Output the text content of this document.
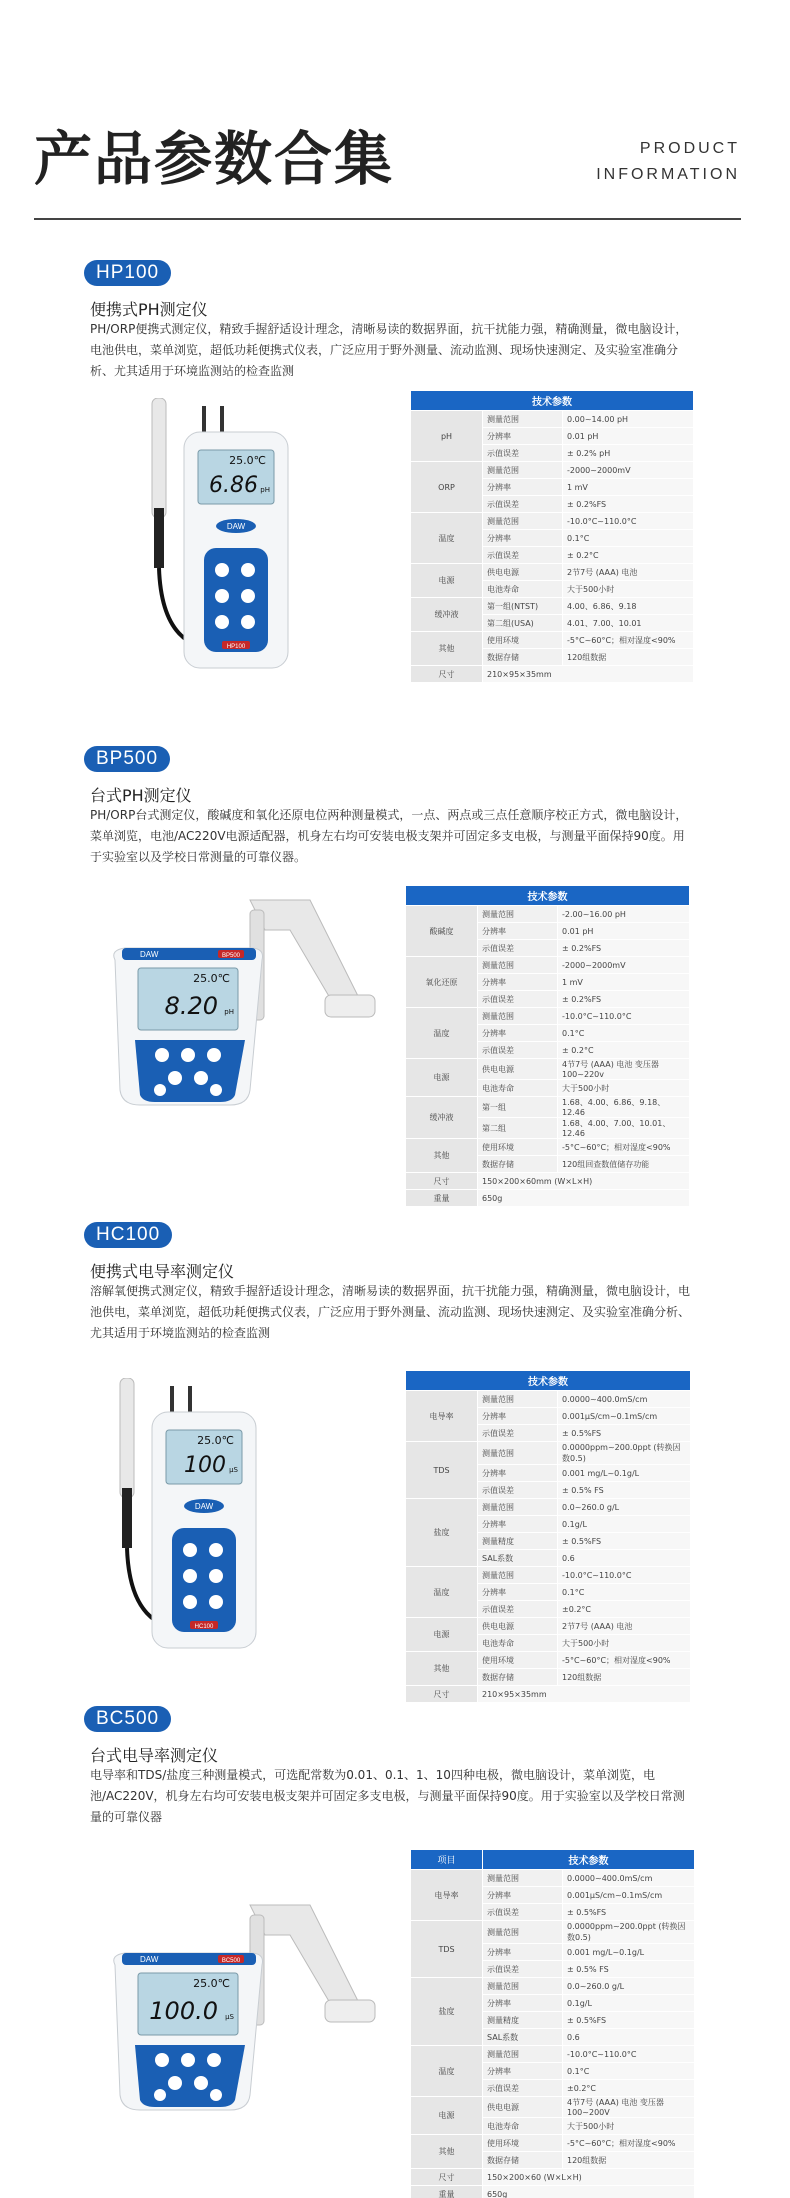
产品参数合集	PRODUCT
INFORMATION
HP100
便携式PH测定仪
PH/ORP便携式测定仪，精致手握舒适设计理念，清晰易读的数据界面，抗干扰能力强，精确测量，微电脑设计，电池供电，菜单浏览，超低功耗便携式仪表，广泛应用于野外测量、流动监测、现场快速测定、及实验室准确分析、尤其适用于环境监测站的检查监测
25.0℃
6.86 pH
DAW
HP100
技术参数		
pH	测量范围	0.00~14.00 pH
	分辨率	0.01 pH
	示值误差	± 0.2% pH
ORP	测量范围	-2000~2000mV
	分辨率	1 mV
	示值误差	± 0.2%FS
温度	测量范围	-10.0°C~110.0°C
	分辨率	0.1°C
	示值误差	± 0.2°C
电源	供电电源	2节7号 (AAA) 电池
	电池寿命	大于500小时
缓冲液	第一组(NTST)	4.00、6.86、9.18
	第二组(USA)	4.01、7.00、10.01
其他	使用环境	-5°C~60°C；相对湿度<90%
	数据存储	120组数据
尺寸	210×95×35mm	
BP500
台式PH测定仪
PH/ORP台式测定仪，酸碱度和氧化还原电位两种测量模式，一点、两点或三点任意顺序校正方式，微电脑设计，菜单浏览，电池/AC220V电源适配器，机身左右均可安装电极支架并可固定多支电极，与测量平面保持90度。用于实验室以及学校日常测量的可靠仪器。
DAW	BP500
25.0℃
8.20 pH
技术参数		
酸碱度	测量范围	-2.00~16.00 pH
	分辨率	0.01 pH
	示值误差	± 0.2%FS
氧化还原	测量范围	-2000~2000mV
	分辨率	1 mV
	示值误差	± 0.2%FS
温度	测量范围	-10.0°C~110.0°C
	分辨率	0.1°C
	示值误差	± 0.2°C
电源	供电电源	4节7号 (AAA) 电池 变压器100~220v
	电池寿命	大于500小时
缓冲液	第一组	1.68、4.00、6.86、9.18、12.46
	第二组	1.68、4.00、7.00、10.01、12.46
其他	使用环境	-5°C~60°C；相对湿度<90%
	数据存储	120组回查数值储存功能
尺寸	150×200×60mm (W×L×H)	
重量	650g	
HC100
便携式电导率测定仪
溶解氧便携式测定仪，精致手握舒适设计理念，清晰易读的数据界面，抗干扰能力强，精确测量，微电脑设计，电池供电，菜单浏览，超低功耗便携式仪表，广泛应用于野外测量、流动监测、现场快速测定、及实验室准确分析、尤其适用于环境监测站的检查监测
25.0℃
100 μS
DAW
HC100
技术参数		
电导率	测量范围	0.0000~400.0mS/cm
	分辨率	0.001μS/cm~0.1mS/cm
	示值误差	± 0.5%FS
TDS	测量范围	0.0000ppm~200.0ppt (转换因数0.5)
	分辨率	0.001 mg/L~0.1g/L
	示值误差	± 0.5% FS
盐度	测量范围	0.0~260.0 g/L
	分辨率	0.1g/L
	测量精度	± 0.5%FS
	SAL系数	0.6
温度	测量范围	-10.0°C~110.0°C
	分辨率	0.1°C
	示值误差	±0.2°C
电源	供电电源	2节7号 (AAA) 电池
	电池寿命	大于500小时
其他	使用环境	-5°C~60°C；相对湿度<90%
	数据存储	120组数据
尺寸	210×95×35mm	
BC500
台式电导率测定仪
电导率和TDS/盐度三种测量模式，可选配常数为0.01、0.1、1、10四种电极，微电脑设计，菜单浏览，电池/AC220V，机身左右均可安装电极支架并可固定多支电极，与测量平面保持90度。用于实验室以及学校日常测量的可靠仪器
DAW	BC500
25.0℃
100.0 μS
项目	技术参数	
电导率	测量范围	0.0000~400.0mS/cm
	分辨率	0.001μS/cm~0.1mS/cm
	示值误差	± 0.5%FS
TDS	测量范围	0.0000ppm~200.0ppt (转换因数0.5)
	分辨率	0.001 mg/L~0.1g/L
	示值误差	± 0.5% FS
盐度	测量范围	0.0~260.0 g/L
	分辨率	0.1g/L
	测量精度	± 0.5%FS
	SAL系数	0.6
温度	测量范围	-10.0°C~110.0°C
	分辨率	0.1°C
	示值误差	±0.2°C
电源	供电电源	4节7号 (AAA) 电池 变压器100~200V
	电池寿命	大于500小时
其他	使用环境	-5°C~60°C；相对湿度<90%
	数据存储	120组数据
尺寸	150×200×60 (W×L×H)	
重量	650g	
